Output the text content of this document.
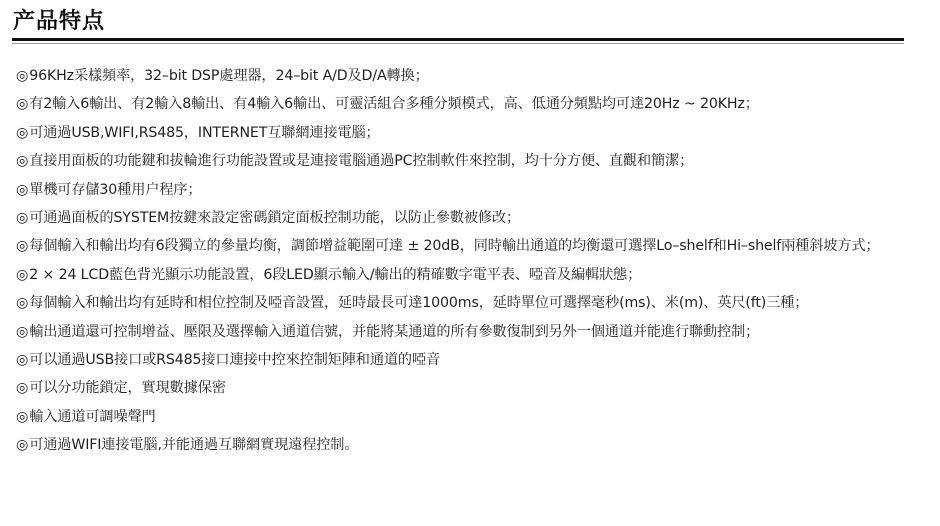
产品特点
◎96KHz采樣頻率，32–bit DSP處理器，24–bit A/D及D/A轉換；
◎有2輸入6輸出、有2輸入8輸出、有4輸入6輸出、可靈活組合多種分頻模式，高、低通分頻點均可達20Hz ~ 20KHz；
◎可通過USB,WIFI,RS485，INTERNET互聯網連接電腦；
◎直接用面板的功能鍵和拔輪進行功能設置或是連接電腦通過PC控制軟件來控制，均十分方便、直觀和簡潔；
◎單機可存儲30種用户程序；
◎可通過面板的SYSTEM按鍵來設定密碼鎖定面板控制功能，以防止參數被修改；
◎每個輸入和輸出均有6段獨立的參量均衡，調節增益範圍可達 ± 20dB，同時輸出通道的均衡還可選擇Lo–shelf和Hi–shelf兩種斜坡方式；
◎2 × 24 LCD藍色背光顯示功能設置，6段LED顯示輸入/輸出的精確數字電平表、啞音及編輯狀態；
◎每個輸入和輸出均有延時和相位控制及啞音設置，延時最長可達1000ms，延時單位可選擇毫秒(ms)、米(m)、英尺(ft)三種；
◎輸出通道還可控制增益、壓限及選擇輸入通道信號，并能將某通道的所有參數復制到另外一個通道并能進行聯動控制；
◎可以通過USB接口或RS485接口連接中控來控制矩陣和通道的啞音
◎可以分功能鎖定，實現數據保密
◎輸入通道可調噪聲門
◎可通過WIFI連接電腦,并能通過互聯網實現遠程控制。
